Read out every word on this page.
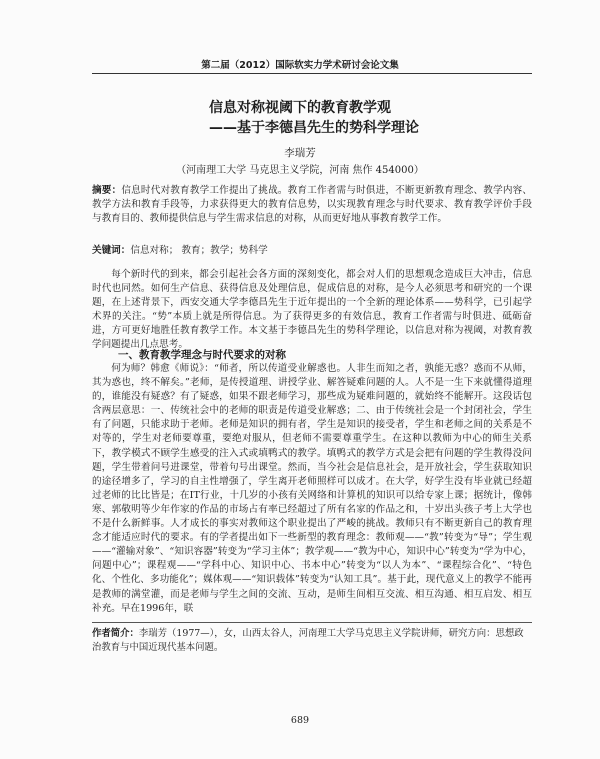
第二届（2012）国际软实力学术研讨会论文集
信息对称视阈下的教育教学观
——基于李德昌先生的势科学理论
李瑞芳
（河南理工大学 马克思主义学院，河南 焦作 454000）

摘要：信息时代对教育教学工作提出了挑战。教育工作者需与时俱进，不断更新教育理念、教学内容、教学方法和教育手段等，力求获得更大的教育信息势，以实现教育理念与时代要求、教育教学评价手段与教育目的、教师提供信息与学生需求信息的对称，从而更好地从事教育教学工作。

关键词：信息对称； 教育；教学；势科学

每个新时代的到来，都会引起社会各方面的深刻变化，都会对人们的思想观念造成巨大冲击，信息时代也同然。如何生产信息、获得信息及处理信息，促成信息的对称，是今人必须思考和研究的一个课题，在上述背景下，西安交通大学李德昌先生于近年提出的一个全新的理论体系——势科学，已引起学术界的关注。“势”本质上就是所得信息。为了获得更多的有效信息，教育工作者需与时俱进、砥砺奋进，方可更好地胜任教育教学工作。本文基于李德昌先生的势科学理论，以信息对称为视阈，对教育教学问题提出几点思考。

一、教育教学理念与时代要求的对称

何为师？韩愈《师说》：“师者，所以传道受业解惑也。人非生而知之者，孰能无惑？惑而不从师，其为惑也，终不解矣。”老师，是传授道理、讲授学业、解答疑难问题的人。人不是一生下来就懂得道理的，谁能没有疑惑？有了疑惑，如果不跟老师学习，那些成为疑难问题的，就始终不能解开。这段话包含两层意思：一、传统社会中的老师的职责是传道受业解惑；二、由于传统社会是一个封闭社会，学生有了问题，只能求助于老师。老师是知识的拥有者，学生是知识的接受者，学生和老师之间的关系是不对等的，学生对老师要尊重，要绝对服从，但老师不需要尊重学生。在这种以教师为中心的师生关系下，教学模式不顾学生感受的注入式或填鸭式的教学。填鸭式的教学方式是会把有问题的学生教得没问题，学生带着问号进课堂，带着句号出课堂。然而，当今社会是信息社会，是开放社会，学生获取知识的途径增多了，学习的自主性增强了，学生离开老师照样可以成才。在大学，好学生没有毕业就已经超过老师的比比皆是；在IT行业，十几岁的小孩有关网络和计算机的知识可以给专家上课；据统计，像韩寒、郭敬明等少年作家的作品的市场占有率已经超过了所有名家的作品之和，十岁出头孩子考上大学也不是什么新鲜事。人才成长的事实对教师这个职业提出了严峻的挑战。教师只有不断更新自己的教育理念才能适应时代的要求。有的学者提出如下一些新型的教育理念：教师观——“教”转变为“导”；学生观——“灌输对象”、“知识容器”转变为“学习主体”；教学观——“教为中心，知识中心”转变为“学为中心，问题中心”；课程观——“学科中心、知识中心、书本中心”转变为“以人为本”、“课程综合化”、“特色化、个性化、多功能化”；媒体观——“知识载体”转变为“认知工具”。基于此，现代意义上的教学不能再是教师的满堂灌，而是老师与学生之间的交流、互动，是师生间相互交流、相互沟通、相互启发、相互补充。早在1996年，联

作者简介：李瑞芳（1977—），女，山西太谷人，河南理工大学马克思主义学院讲师，研究方向：思想政治教育与中国近现代基本问题。

689
